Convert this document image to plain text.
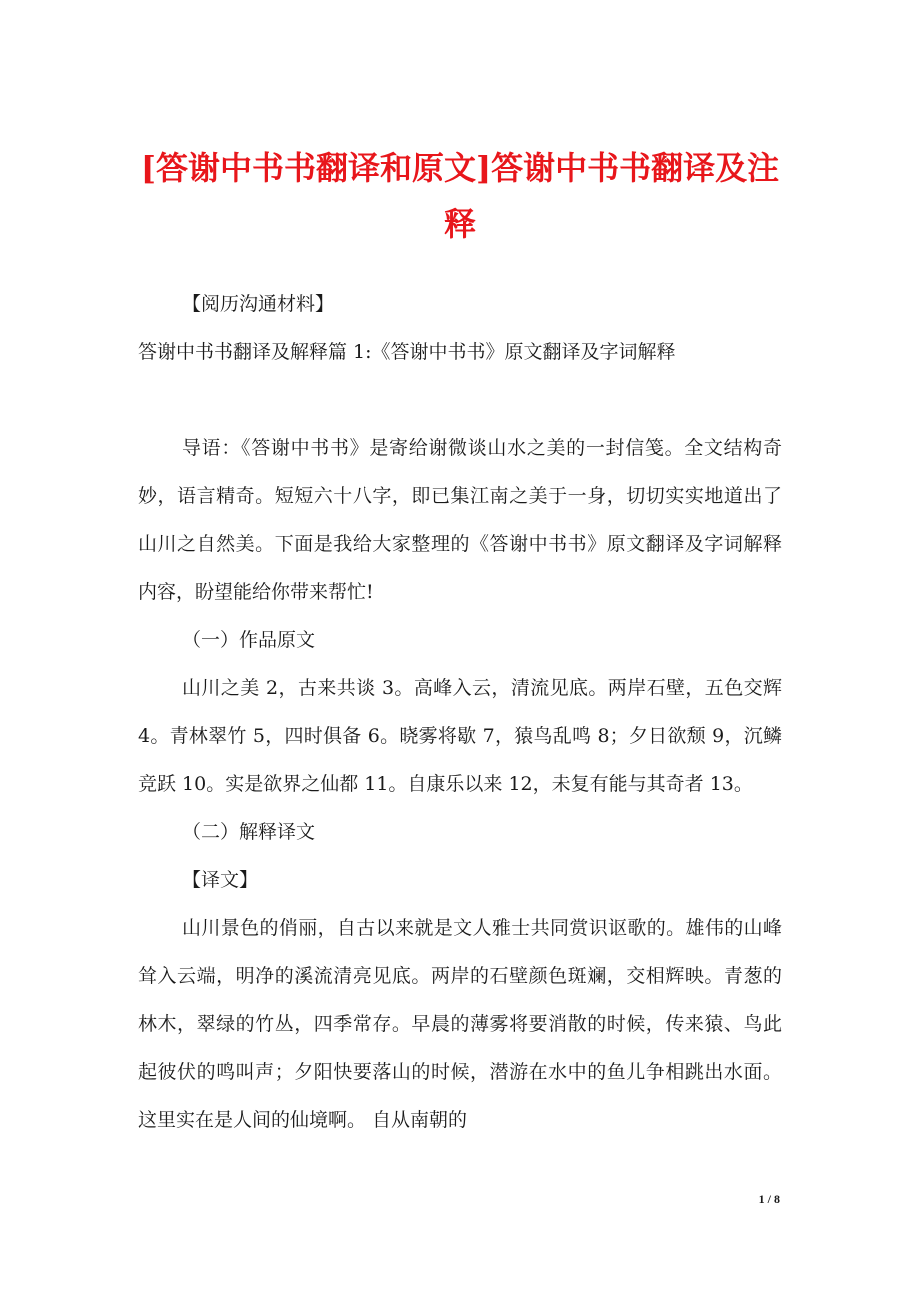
[答谢中书书翻译和原文]答谢中书书翻译及注释

【阅历沟通材料】

答谢中书书翻译及解释篇 1:《答谢中书书》原文翻译及字词解释

导语：《答谢中书书》是寄给谢微谈山水之美的一封信笺。全文结构奇妙，语言精奇。短短六十八字，即已集江南之美于一身，切切实实地道出了山川之自然美。下面是我给大家整理的《答谢中书书》原文翻译及字词解释内容，盼望能给你带来帮忙!

（一）作品原文

山川之美 2，古来共谈 3。高峰入云，清流见底。两岸石壁，五色交辉 4。青林翠竹 5，四时俱备 6。晓雾将歇 7，猿鸟乱鸣 8；夕日欲颓 9，沉鳞竞跃 10。实是欲界之仙都 11。自康乐以来 12，未复有能与其奇者 13。

（二）解释译文

【译文】

山川景色的俏丽，自古以来就是文人雅士共同赏识讴歌的。雄伟的山峰耸入云端，明净的溪流清亮见底。两岸的石壁颜色斑斓，交相辉映。青葱的林木，翠绿的竹丛，四季常存。早晨的薄雾将要消散的时候，传来猿、鸟此起彼伏的鸣叫声；夕阳快要落山的时候，潜游在水中的鱼儿争相跳出水面。这里实在是人间的仙境啊。 自从南朝的

1 / 8
